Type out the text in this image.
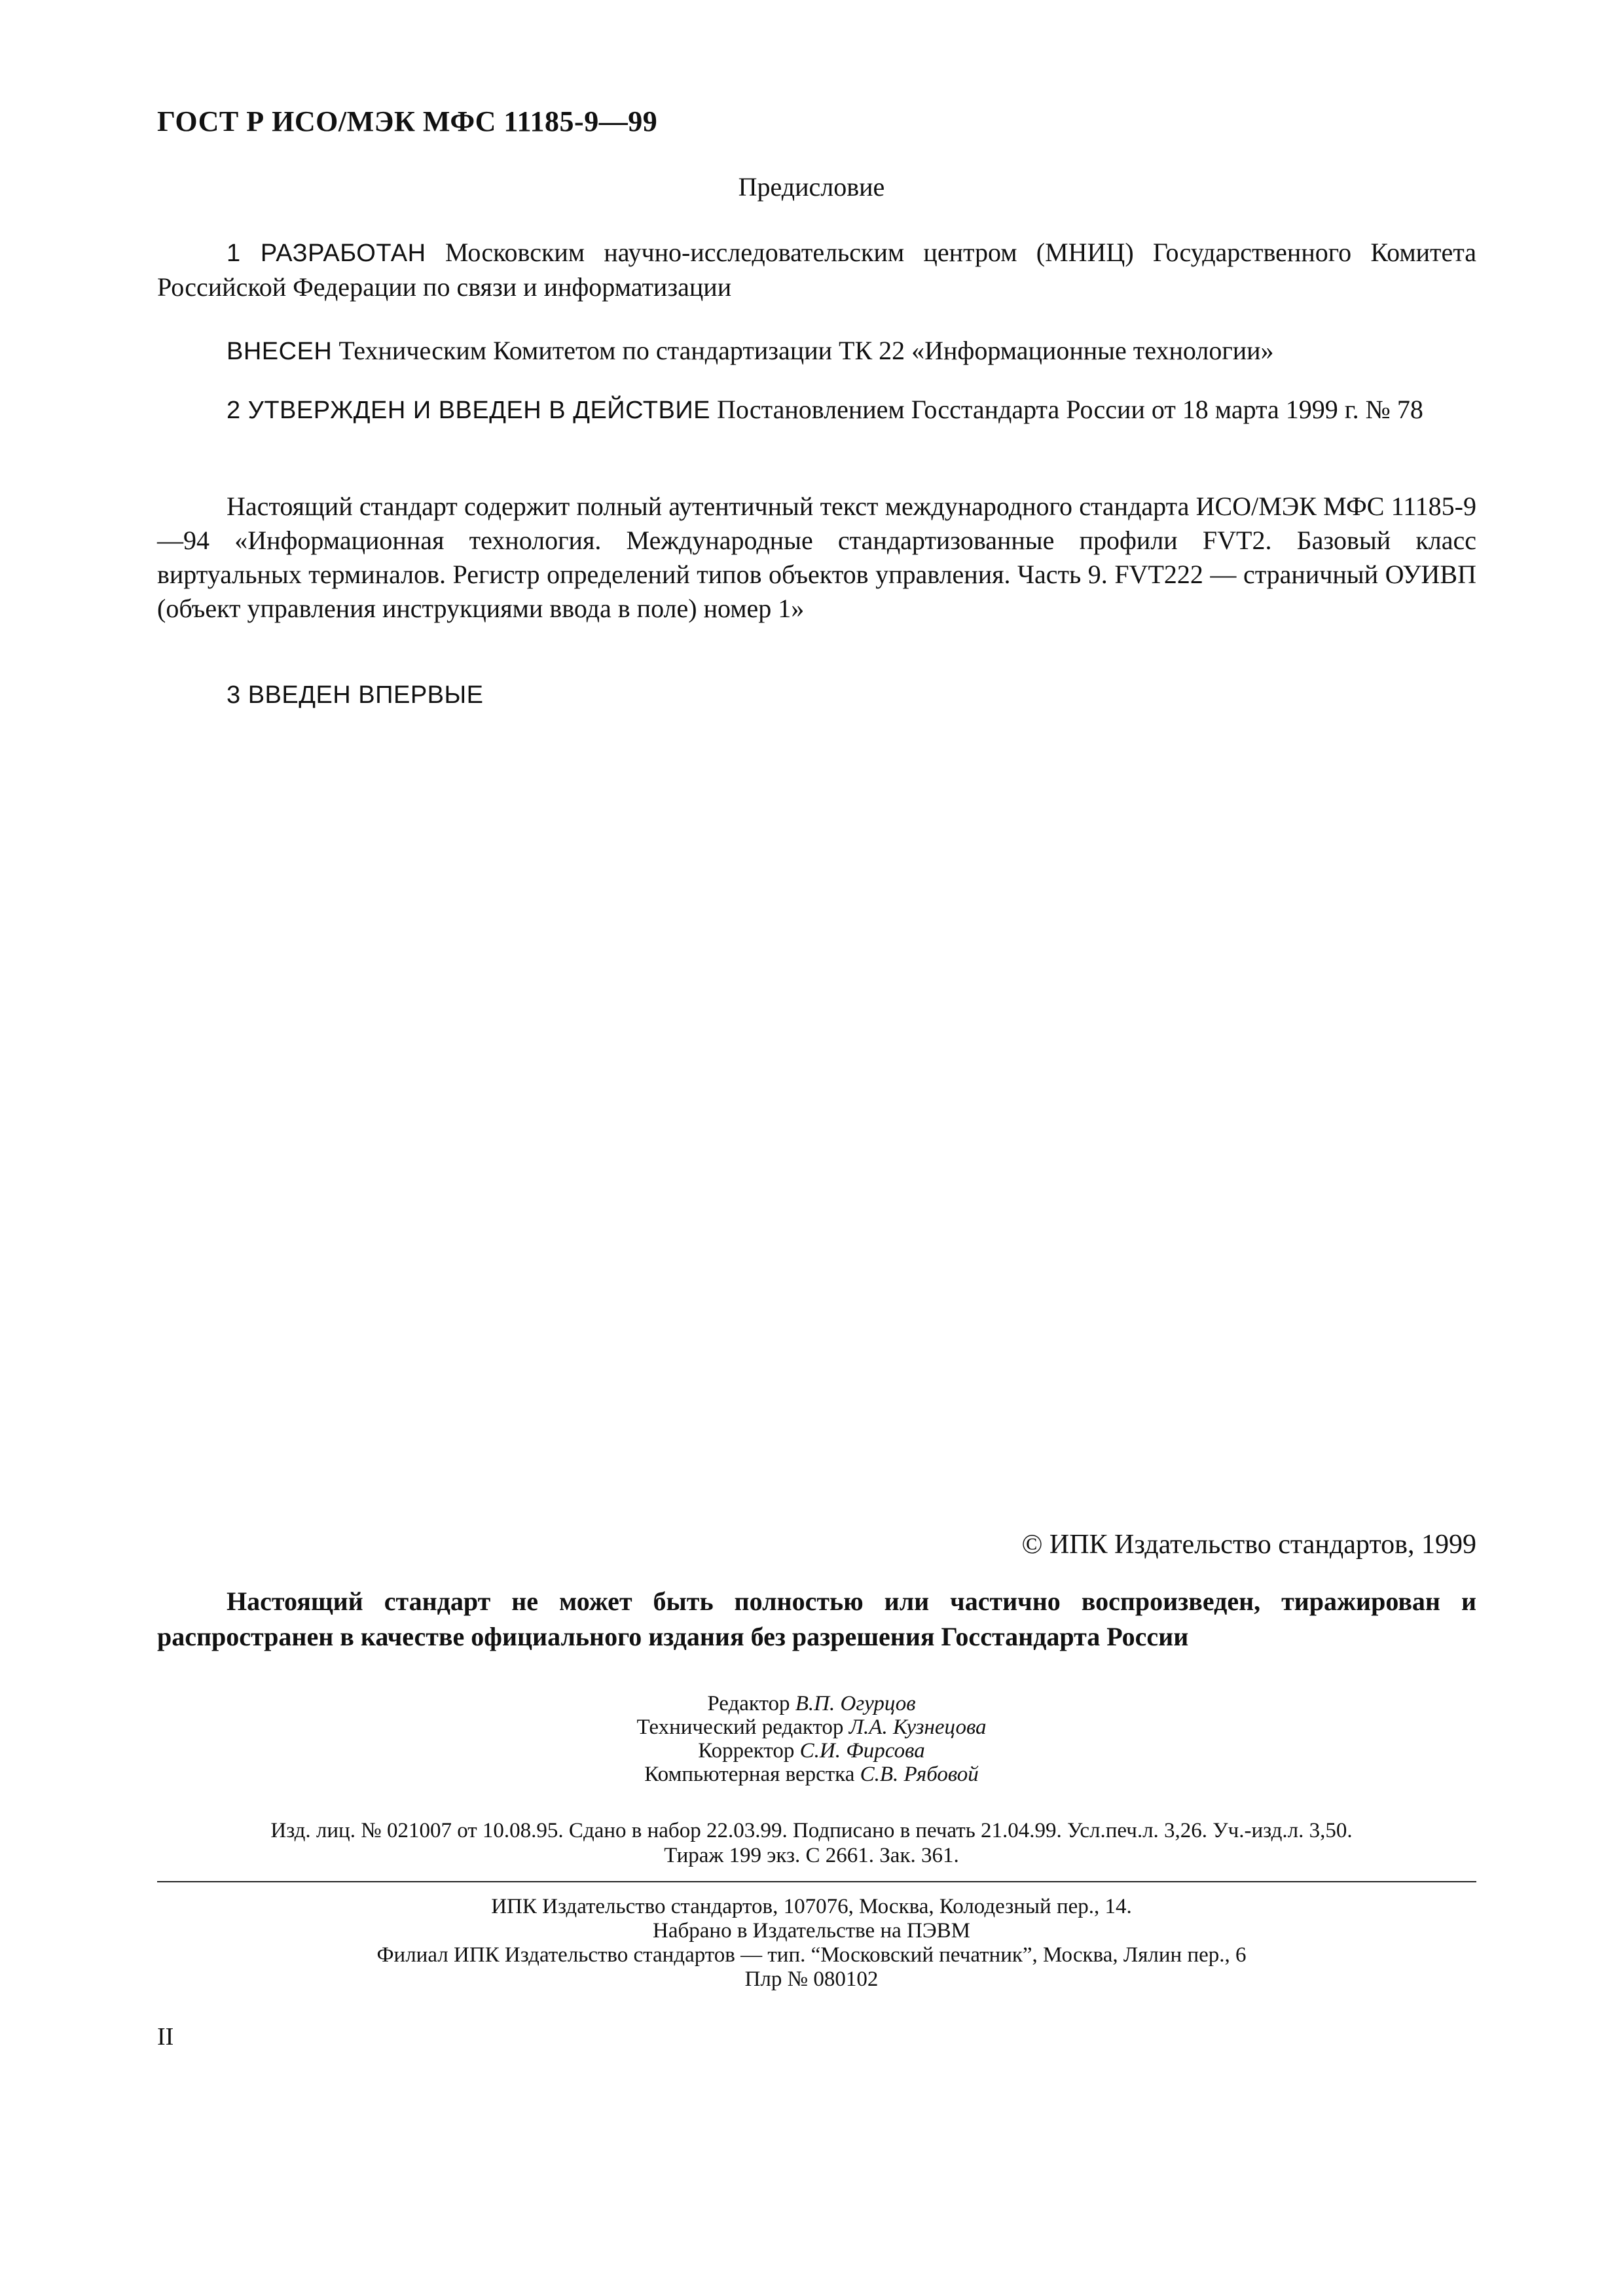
ГОСТ Р ИСО/МЭК МФС 11185-9—99
Предисловие
1 РАЗРАБОТАН Московским научно-исследовательским центром (МНИЦ) Государственного Комитета Российской Федерации по связи и информатизации
ВНЕСЕН Техническим Комитетом по стандартизации ТК 22 «Информационные технологии»
2 УТВЕРЖДЕН И ВВЕДЕН В ДЕЙСТВИЕ Постановлением Госстандарта России от 18 марта 1999 г. № 78
Настоящий стандарт содержит полный аутентичный текст международного стандарта ИСО/МЭК МФС 11185-9—94 «Информационная технология. Международные стандартизованные профили FVT2. Базовый класс виртуальных терминалов. Регистр определений типов объектов управления. Часть 9. FVT222 — страничный ОУИВП (объект управления инструкциями ввода в поле) номер 1»
3 ВВЕДЕН ВПЕРВЫЕ
© ИПК Издательство стандартов, 1999
Настоящий стандарт не может быть полностью или частично воспроизведен, тиражирован и распространен в качестве официального издания без разрешения Госстандарта России
Редактор В.П. Огурцов
Технический редактор Л.А. Кузнецова
Корректор С.И. Фирсова
Компьютерная верстка С.В. Рябовой
Изд. лиц. № 021007 от 10.08.95. Сдано в набор 22.03.99. Подписано в печать 21.04.99. Усл.печ.л. 3,26. Уч.-изд.л. 3,50.
Тираж 199 экз. С 2661. Зак. 361.
ИПК Издательство стандартов, 107076, Москва, Колодезный пер., 14.
Набрано в Издательстве на ПЭВМ
Филиал ИПК Издательство стандартов — тип. “Московский печатник”, Москва, Лялин пер., 6
Плр № 080102
II
